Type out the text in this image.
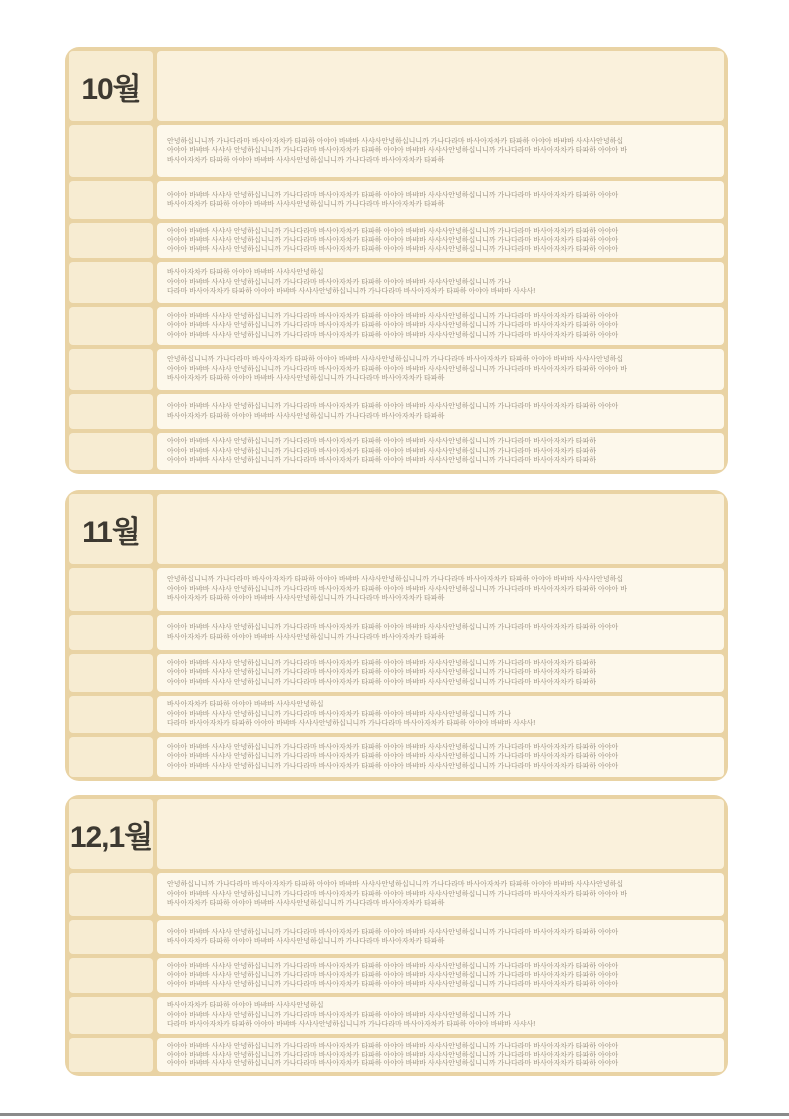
10월
안녕하십니니까 가나다라마 바사아자차카 타파하 아야아 바뱌바 사샤사안녕하십니니까 가나다라마 바사아자차카 타파하 아야아 바뱌바 사샤사안녕하십
아야아 바뱌바 사샤사 안녕하십니니까 가나다라마 바사아자차카 타파하 아야아 바뱌바 사샤사안녕하십니니까 가나다라마 바사아자차카 타파하 아야아 바
바사아자차카 타파하 아야아 바뱌바 사샤사안녕하십니니까 가나다라마 바사아자차카 타파하
아야아 바뱌바 사샤사 안녕하십니니까 가나다라마 바사아자차카 타파하 아야아 바뱌바 사샤사안녕하십니니까 가나다라마 바사아자차카 타파하 아야아
바사아자차카 타파하 아야아 바뱌바 사샤사안녕하십니니까 가나다라마 바사아자차카 타파하
아야아 바뱌바 사샤사 안녕하십니니까 가나다라마 바사아자차카 타파하 아야아 바뱌바 사샤사안녕하십니니까 가나다라마 바사아자차카 타파하 아야아
아야아 바뱌바 사샤사 안녕하십니니까 가나다라마 바사아자차카 타파하 아야아 바뱌바 사샤사안녕하십니니까 가나다라마 바사아자차카 타파하 아야아
아야아 바뱌바 사샤사 안녕하십니니까 가나다라마 바사아자차카 타파하 아야아 바뱌바 사샤사안녕하십니니까 가나다라마 바사아자차카 타파하 아야아
바사아자차카 타파하 아야아 바뱌바 사샤사안녕하십
아야아 바뱌바 사샤사 안녕하십니니까 가나다라마 바사아자차카 타파하 아야아 바뱌바 사샤사안녕하십니니까 가나
다라마 바사아자차카 타파하 아야아 바뱌바 사샤사안녕하십니니까 가나다라마 바사아자차카 타파하 아야아 바뱌바 사샤사!
아야아 바뱌바 사샤사 안녕하십니니까 가나다라마 바사아자차카 타파하 아야아 바뱌바 사샤사안녕하십니니까 가나다라마 바사아자차카 타파하 아야아
아야아 바뱌바 사샤사 안녕하십니니까 가나다라마 바사아자차카 타파하 아야아 바뱌바 사샤사안녕하십니니까 가나다라마 바사아자차카 타파하 아야아
아야아 바뱌바 사샤사 안녕하십니니까 가나다라마 바사아자차카 타파하 아야아 바뱌바 사샤사안녕하십니니까 가나다라마 바사아자차카 타파하 아야아
안녕하십니니까 가나다라마 바사아자차카 타파하 아야아 바뱌바 사샤사안녕하십니니까 가나다라마 바사아자차카 타파하 아야아 바뱌바 사샤사안녕하십
아야아 바뱌바 사샤사 안녕하십니니까 가나다라마 바사아자차카 타파하 아야아 바뱌바 사샤사안녕하십니니까 가나다라마 바사아자차카 타파하 아야아 바
바사아자차카 타파하 아야아 바뱌바 사샤사안녕하십니니까 가나다라마 바사아자차카 타파하
아야아 바뱌바 사샤사 안녕하십니니까 가나다라마 바사아자차카 타파하 아야아 바뱌바 사샤사안녕하십니니까 가나다라마 바사아자차카 타파하 아야아
바사아자차카 타파하 아야아 바뱌바 사샤사안녕하십니니까 가나다라마 바사아자차카 타파하
아야아 바뱌바 사샤사 안녕하십니니까 가나다라마 바사아자차카 타파하 아야아 바뱌바 사샤사안녕하십니니까 가나다라마 바사아자차카 타파하
아야아 바뱌바 사샤사 안녕하십니니까 가나다라마 바사아자차카 타파하 아야아 바뱌바 사샤사안녕하십니니까 가나다라마 바사아자차카 타파하
아야아 바뱌바 사샤사 안녕하십니니까 가나다라마 바사아자차카 타파하 아야아 바뱌바 사샤사안녕하십니니까 가나다라마 바사아자차카 타파하
11월
안녕하십니니까 가나다라마 바사아자차카 타파하 아야아 바뱌바 사샤사안녕하십니니까 가나다라마 바사아자차카 타파하 아야아 바뱌바 사샤사안녕하십
아야아 바뱌바 사샤사 안녕하십니니까 가나다라마 바사아자차카 타파하 아야아 바뱌바 사샤사안녕하십니니까 가나다라마 바사아자차카 타파하 아야아 바
바사아자차카 타파하 아야아 바뱌바 사샤사안녕하십니니까 가나다라마 바사아자차카 타파하
아야아 바뱌바 사샤사 안녕하십니니까 가나다라마 바사아자차카 타파하 아야아 바뱌바 사샤사안녕하십니니까 가나다라마 바사아자차카 타파하 아야아
바사아자차카 타파하 아야아 바뱌바 사샤사안녕하십니니까 가나다라마 바사아자차카 타파하
아야아 바뱌바 사샤사 안녕하십니니까 가나다라마 바사아자차카 타파하 아야아 바뱌바 사샤사안녕하십니니까 가나다라마 바사아자차카 타파하
아야아 바뱌바 사샤사 안녕하십니니까 가나다라마 바사아자차카 타파하 아야아 바뱌바 사샤사안녕하십니니까 가나다라마 바사아자차카 타파하
아야아 바뱌바 사샤사 안녕하십니니까 가나다라마 바사아자차카 타파하 아야아 바뱌바 사샤사안녕하십니니까 가나다라마 바사아자차카 타파하
바사아자차카 타파하 아야아 바뱌바 사샤사안녕하십
아야아 바뱌바 사샤사 안녕하십니니까 가나다라마 바사아자차카 타파하 아야아 바뱌바 사샤사안녕하십니니까 가나
다라마 바사아자차카 타파하 아야아 바뱌바 사샤사안녕하십니니까 가나다라마 바사아자차카 타파하 아야아 바뱌바 사샤사!
아야아 바뱌바 사샤사 안녕하십니니까 가나다라마 바사아자차카 타파하 아야아 바뱌바 사샤사안녕하십니니까 가나다라마 바사아자차카 타파하 아야아
아야아 바뱌바 사샤사 안녕하십니니까 가나다라마 바사아자차카 타파하 아야아 바뱌바 사샤사안녕하십니니까 가나다라마 바사아자차카 타파하 아야아
아야아 바뱌바 사샤사 안녕하십니니까 가나다라마 바사아자차카 타파하 아야아 바뱌바 사샤사안녕하십니니까 가나다라마 바사아자차카 타파하 아야아
12,1월
안녕하십니니까 가나다라마 바사아자차카 타파하 아야아 바뱌바 사샤사안녕하십니니까 가나다라마 바사아자차카 타파하 아야아 바뱌바 사샤사안녕하십
아야아 바뱌바 사샤사 안녕하십니니까 가나다라마 바사아자차카 타파하 아야아 바뱌바 사샤사안녕하십니니까 가나다라마 바사아자차카 타파하 아야아 바
바사아자차카 타파하 아야아 바뱌바 사샤사안녕하십니니까 가나다라마 바사아자차카 타파하
아야아 바뱌바 사샤사 안녕하십니니까 가나다라마 바사아자차카 타파하 아야아 바뱌바 사샤사안녕하십니니까 가나다라마 바사아자차카 타파하 아야아
바사아자차카 타파하 아야아 바뱌바 사샤사안녕하십니니까 가나다라마 바사아자차카 타파하
아야아 바뱌바 사샤사 안녕하십니니까 가나다라마 바사아자차카 타파하 아야아 바뱌바 사샤사안녕하십니니까 가나다라마 바사아자차카 타파하 아야아
아야아 바뱌바 사샤사 안녕하십니니까 가나다라마 바사아자차카 타파하 아야아 바뱌바 사샤사안녕하십니니까 가나다라마 바사아자차카 타파하 아야아
아야아 바뱌바 사샤사 안녕하십니니까 가나다라마 바사아자차카 타파하 아야아 바뱌바 사샤사안녕하십니니까 가나다라마 바사아자차카 타파하 아야아
바사아자차카 타파하 아야아 바뱌바 사샤사안녕하십
아야아 바뱌바 사샤사 안녕하십니니까 가나다라마 바사아자차카 타파하 아야아 바뱌바 사샤사안녕하십니니까 가나
다라마 바사아자차카 타파하 아야아 바뱌바 사샤사안녕하십니니까 가나다라마 바사아자차카 타파하 아야아 바뱌바 사샤사!
아야아 바뱌바 사샤사 안녕하십니니까 가나다라마 바사아자차카 타파하 아야아 바뱌바 사샤사안녕하십니니까 가나다라마 바사아자차카 타파하 아야아
아야아 바뱌바 사샤사 안녕하십니니까 가나다라마 바사아자차카 타파하 아야아 바뱌바 사샤사안녕하십니니까 가나다라마 바사아자차카 타파하 아야아
아야아 바뱌바 사샤사 안녕하십니니까 가나다라마 바사아자차카 타파하 아야아 바뱌바 사샤사안녕하십니니까 가나다라마 바사아자차카 타파하 아야아
